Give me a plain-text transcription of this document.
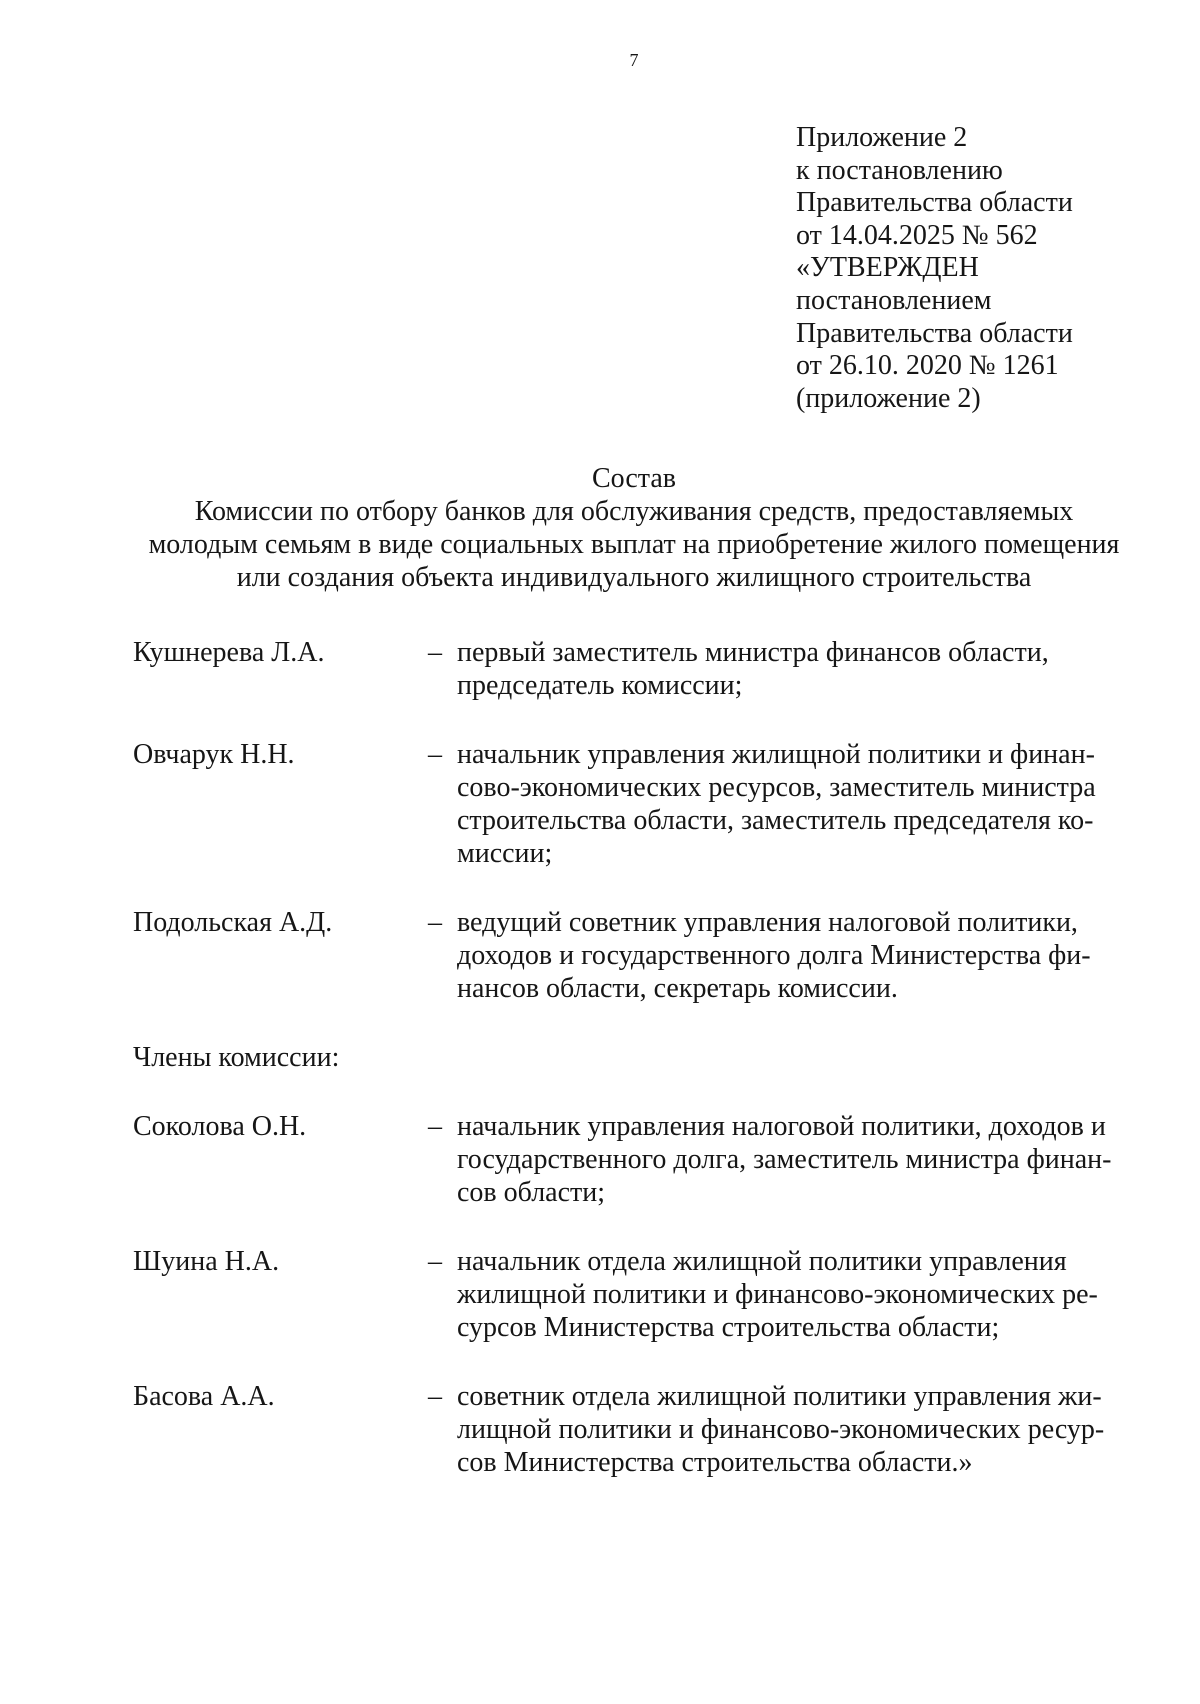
7
Приложение 2
к постановлению
Правительства области
от 14.04.2025 № 562
«УТВЕРЖДЕН
постановлением
Правительства области
от 26.10. 2020 № 1261
(приложение 2)
Состав
Комиссии по отбору банков для обслуживания средств, предоставляемых
молодым семьям в виде социальных выплат на приобретение жилого помещения
или создания объекта индивидуального жилищного строительства
Кушнерева Л.А.	– первый заместитель министра финансов области,
председатель комиссии;
Овчарук Н.Н.	– начальник управления жилищной политики и финан-
сово-экономических ресурсов, заместитель министра
строительства области, заместитель председателя ко-
миссии;
Подольская А.Д.	– ведущий советник управления налоговой политики,
доходов и государственного долга Министерства фи-
нансов области, секретарь комиссии.
Члены комиссии:
Соколова О.Н.	– начальник управления налоговой политики, доходов и
государственного долга, заместитель министра финан-
сов области;
Шуина Н.А.	– начальник отдела жилищной политики управления
жилищной политики и финансово-экономических ре-
сурсов Министерства строительства области;
Басова А.А.	– советник отдела жилищной политики управления жи-
лищной политики и финансово-экономических ресур-
сов Министерства строительства области.»
